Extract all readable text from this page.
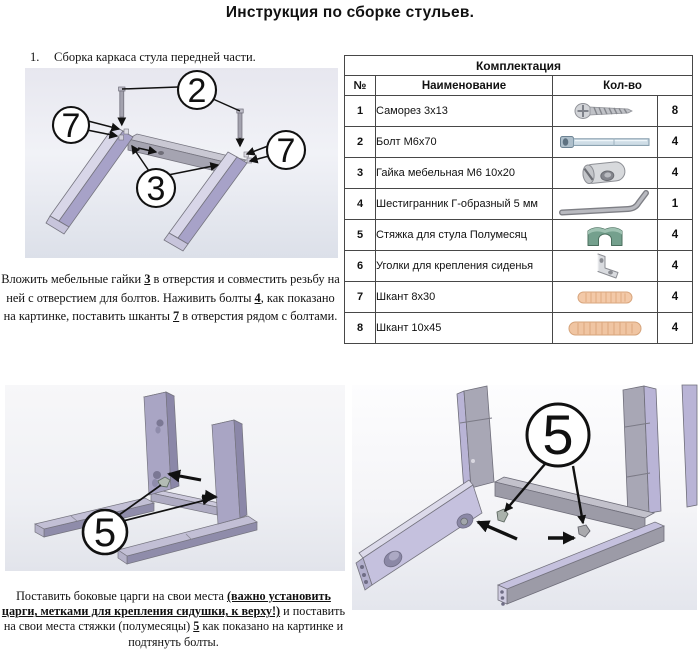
Инструкция по сборке стульев.
1. Сборка каркаса стула передней части.
2
7
3
7

Вложить мебельные гайки 3 в отверстия и совместить резьбу на ней с отверстием для болтов. Наживить болты 4, как показано на картинке, поставить шканты 7 в отверстия рядом с болтами.

Комплектация			
№	Наименование	Кол-во	
1	Саморез 3х13		8
2	Болт М6х70		4
3	Гайка мебельная М6 10х20		4
4	Шестигранник Г-образный 5 мм		1
5	Стяжка для стула Полумесяц		4
6	Уголки для крепления сиденья		4
7	Шкант 8х30		4
8	Шкант 10х45		4
5

Поставить боковые царги на свои места (важно установить царги, метками для крепления сидушки, к верху!) и поставить на свои места стяжки (полумесяцы) 5 как показано на картинке и подтянуть болты.

5
